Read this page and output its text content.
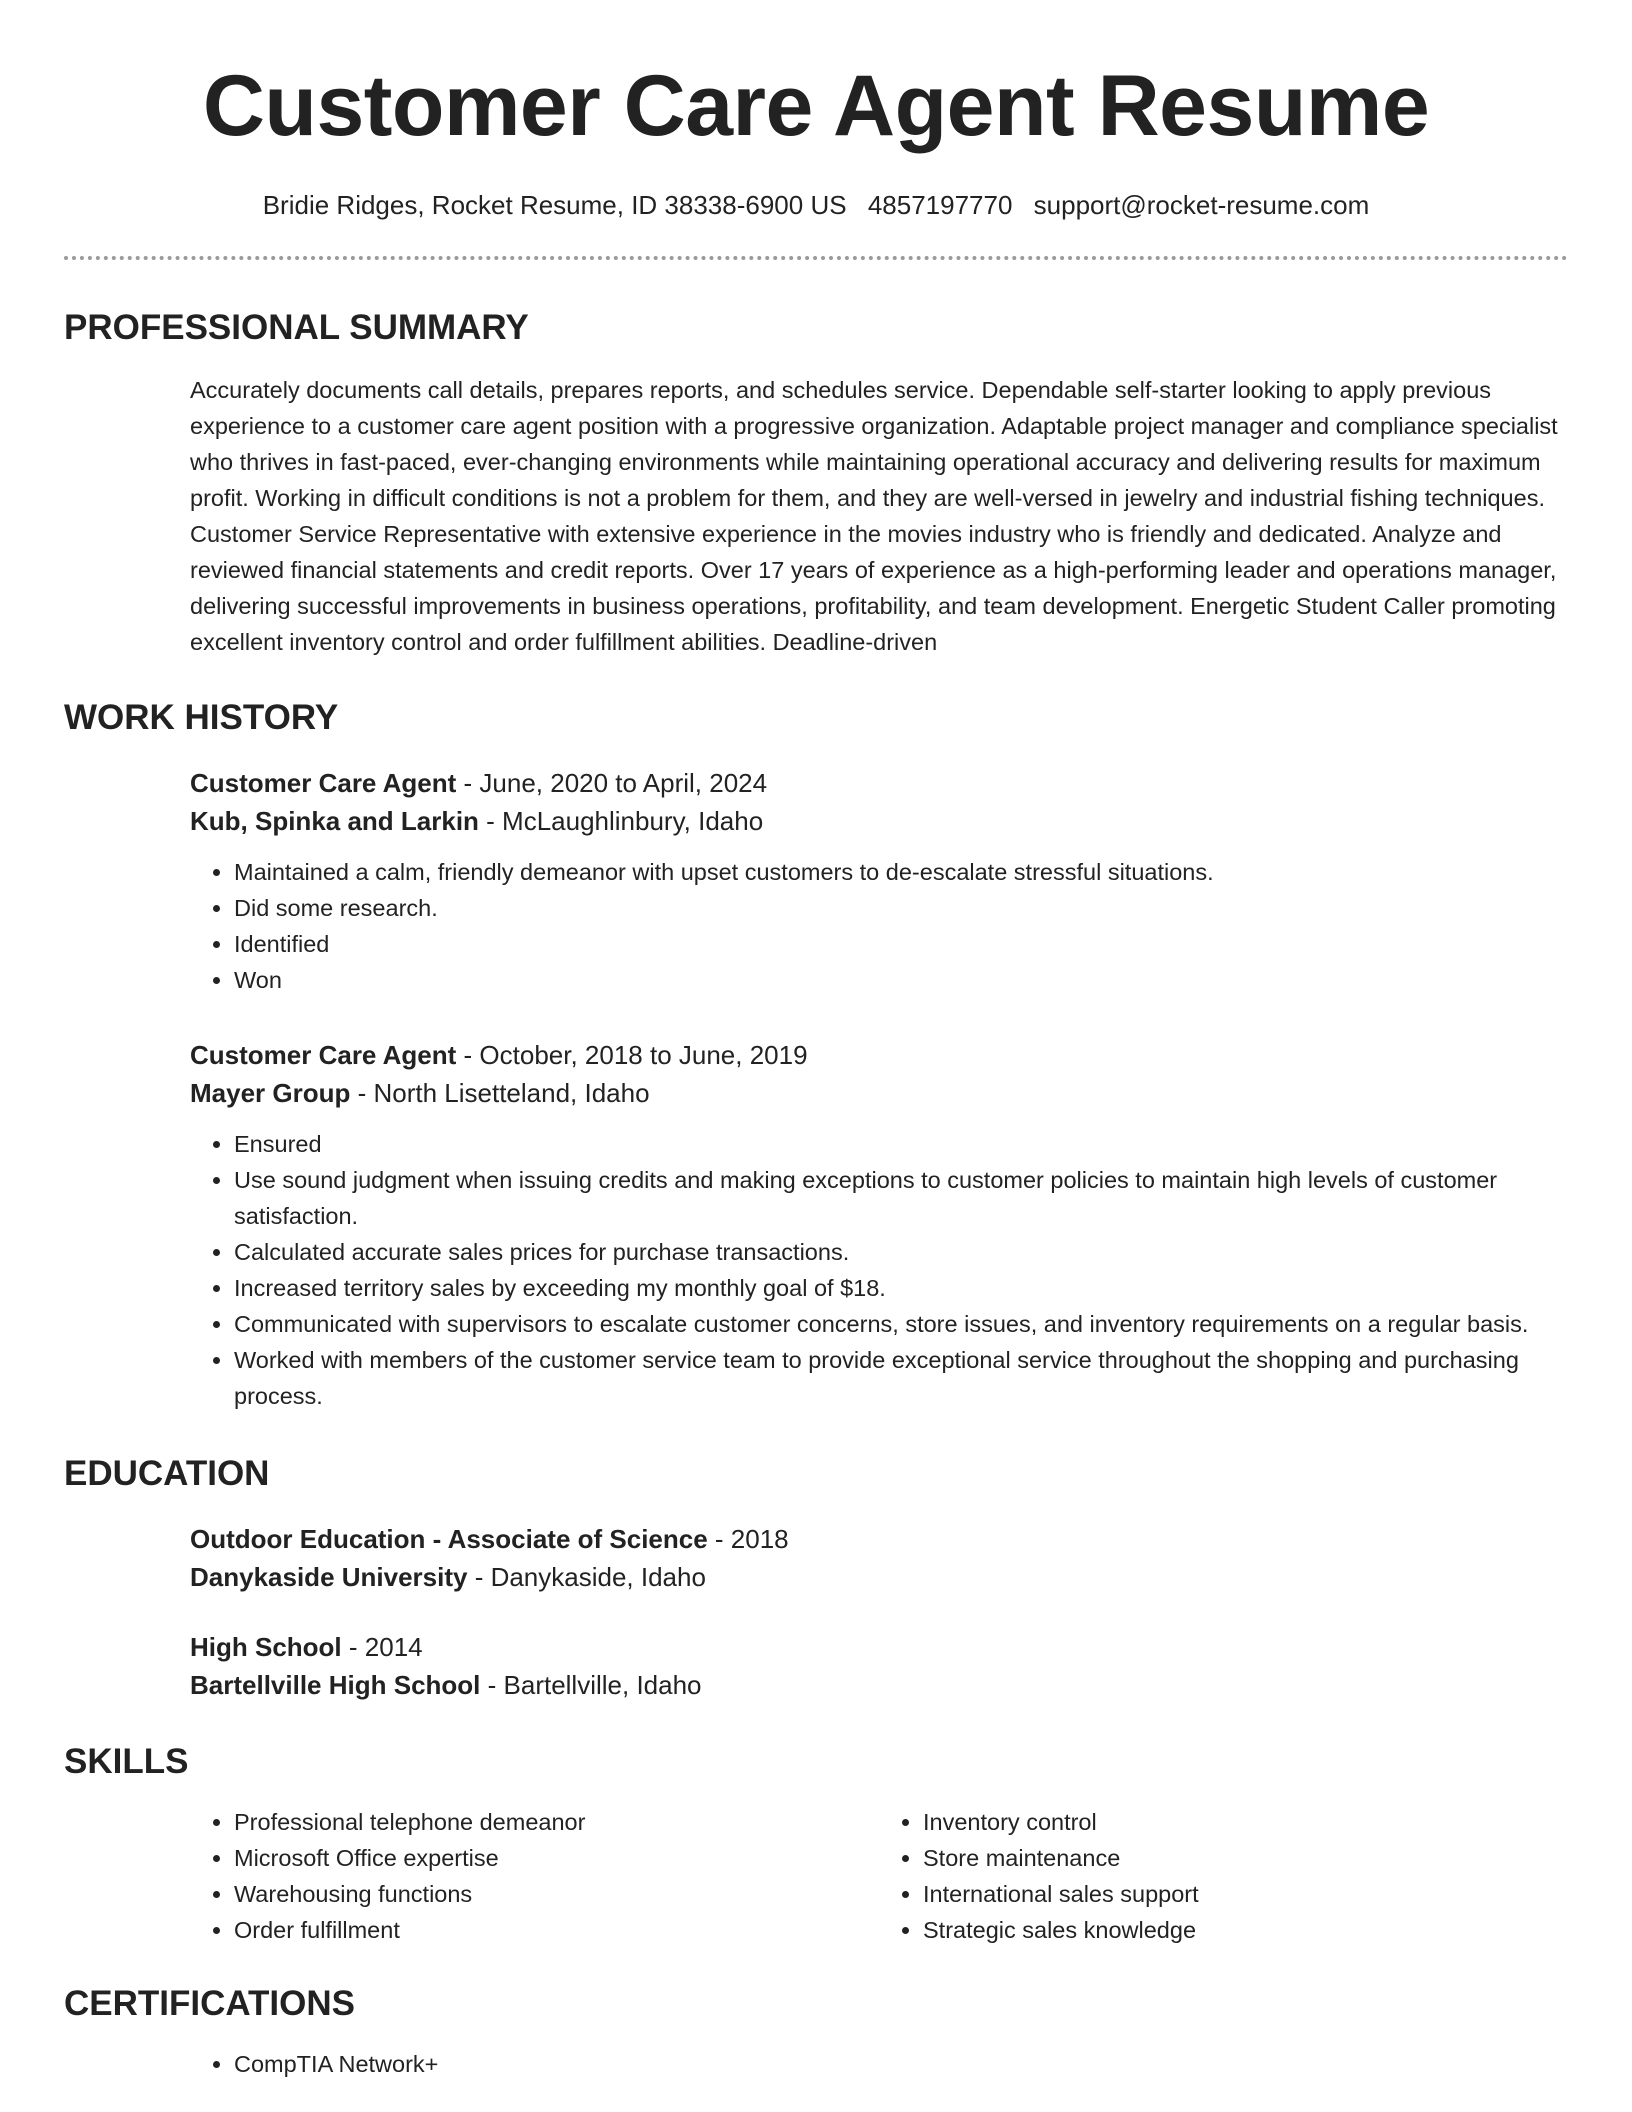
Customer Care Agent Resume
Bridie Ridges, Rocket Resume, ID 38338-6900 US 4857197770 support@rocket-resume.com
PROFESSIONAL SUMMARY
Accurately documents call details, prepares reports, and schedules service. Dependable self-starter looking to apply previous experience to a customer care agent position with a progressive organization. Adaptable project manager and compliance specialist who thrives in fast-paced, ever-changing environments while maintaining operational accuracy and delivering results for maximum profit. Working in difficult conditions is not a problem for them, and they are well-versed in jewelry and industrial fishing techniques. Customer Service Representative with extensive experience in the movies industry who is friendly and dedicated. Analyze and reviewed financial statements and credit reports. Over 17 years of experience as a high-performing leader and operations manager, delivering successful improvements in business operations, profitability, and team development. Energetic Student Caller promoting excellent inventory control and order fulfillment abilities. Deadline-driven
WORK HISTORY
Customer Care Agent - June, 2020 to April, 2024
Kub, Spinka and Larkin - McLaughlinbury, Idaho
• Maintained a calm, friendly demeanor with upset customers to de-escalate stressful situations.
• Did some research.
• Identified
• Won
Customer Care Agent - October, 2018 to June, 2019
Mayer Group - North Lisetteland, Idaho
• Ensured
• Use sound judgment when issuing credits and making exceptions to customer policies to maintain high levels of customer satisfaction.
• Calculated accurate sales prices for purchase transactions.
• Increased territory sales by exceeding my monthly goal of $18.
• Communicated with supervisors to escalate customer concerns, store issues, and inventory requirements on a regular basis.
• Worked with members of the customer service team to provide exceptional service throughout the shopping and purchasing process.
EDUCATION
Outdoor Education - Associate of Science - 2018
Danykaside University - Danykaside, Idaho
High School - 2014
Bartellville High School - Bartellville, Idaho
SKILLS
• Professional telephone demeanor
• Microsoft Office expertise
• Warehousing functions
• Order fulfillment
• Inventory control
• Store maintenance
• International sales support
• Strategic sales knowledge
CERTIFICATIONS
• CompTIA Network+
